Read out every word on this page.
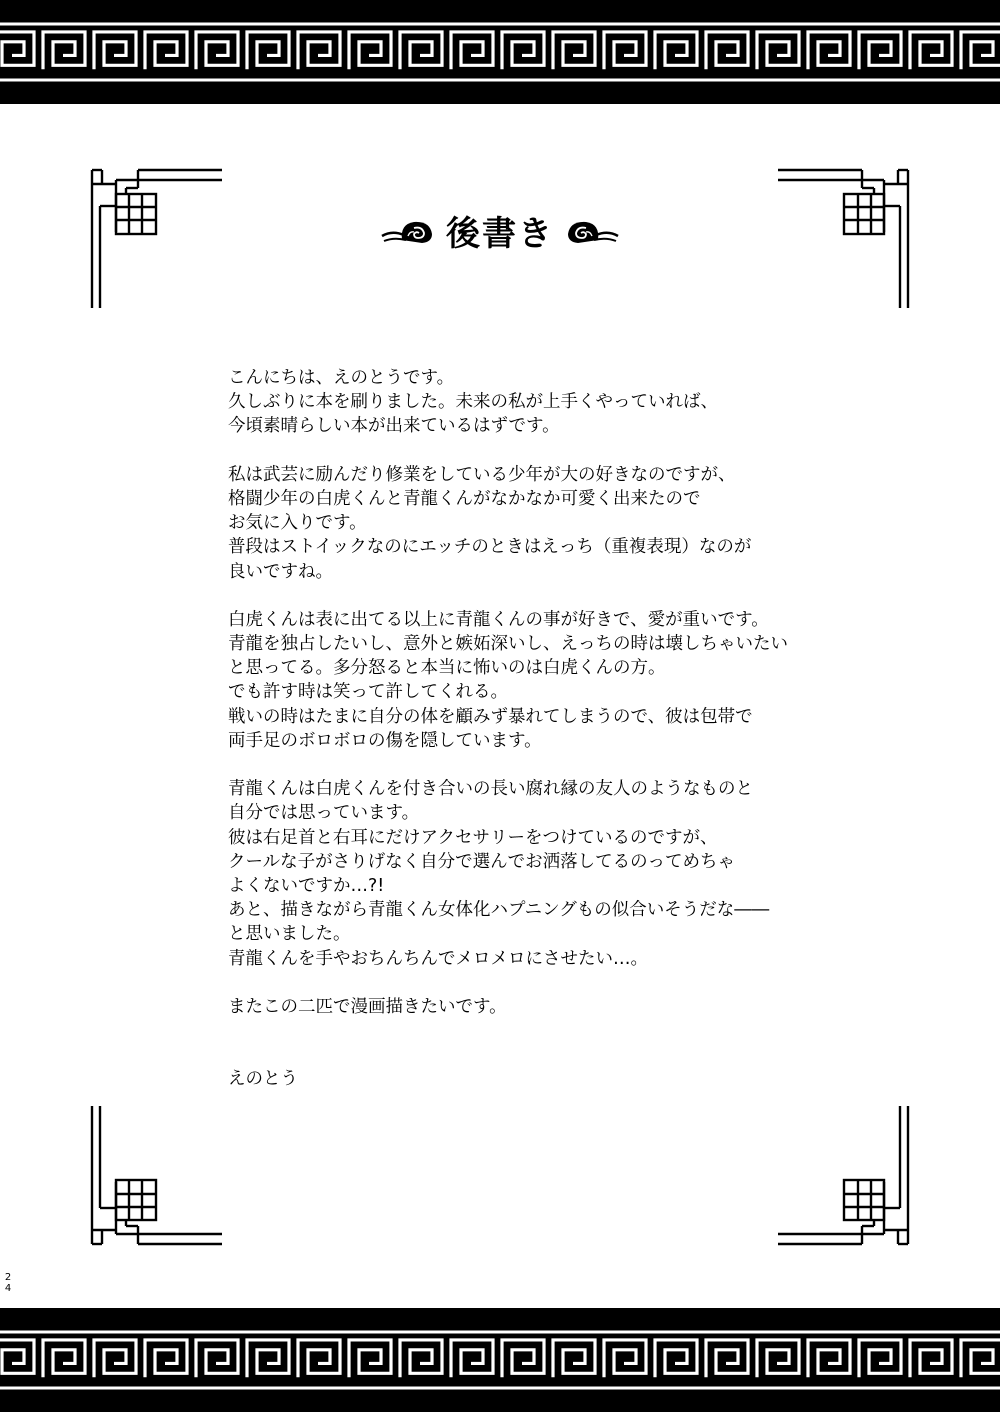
後書き
こんにちは、えのとうです。
久しぶりに本を刷りました。未来の私が上手くやっていれば、
今頃素晴らしい本が出来ているはずです。
私は武芸に励んだり修業をしている少年が大の好きなのですが、
格闘少年の白虎くんと青龍くんがなかなか可愛く出来たので
お気に入りです。
普段はストイックなのにエッチのときはえっち（重複表現）なのが
良いですね。
白虎くんは表に出てる以上に青龍くんの事が好きで、愛が重いです。
青龍を独占したいし、意外と嫉妬深いし、えっちの時は壊しちゃいたい
と思ってる。多分怒ると本当に怖いのは白虎くんの方。
でも許す時は笑って許してくれる。
戦いの時はたまに自分の体を顧みず暴れてしまうので、彼は包帯で
両手足のボロボロの傷を隠しています。
青龍くんは白虎くんを付き合いの長い腐れ縁の友人のようなものと
自分では思っています。
彼は右足首と右耳にだけアクセサリーをつけているのですが、
クールな子がさりげなく自分で選んでお洒落してるのってめちゃ
よくないですか…?!
あと、描きながら青龍くん女体化ハプニングもの似合いそうだな――
と思いました。
青龍くんを手やおちんちんでメロメロにさせたい…。
またこの二匹で漫画描きたいです。
えのとう
2
4
